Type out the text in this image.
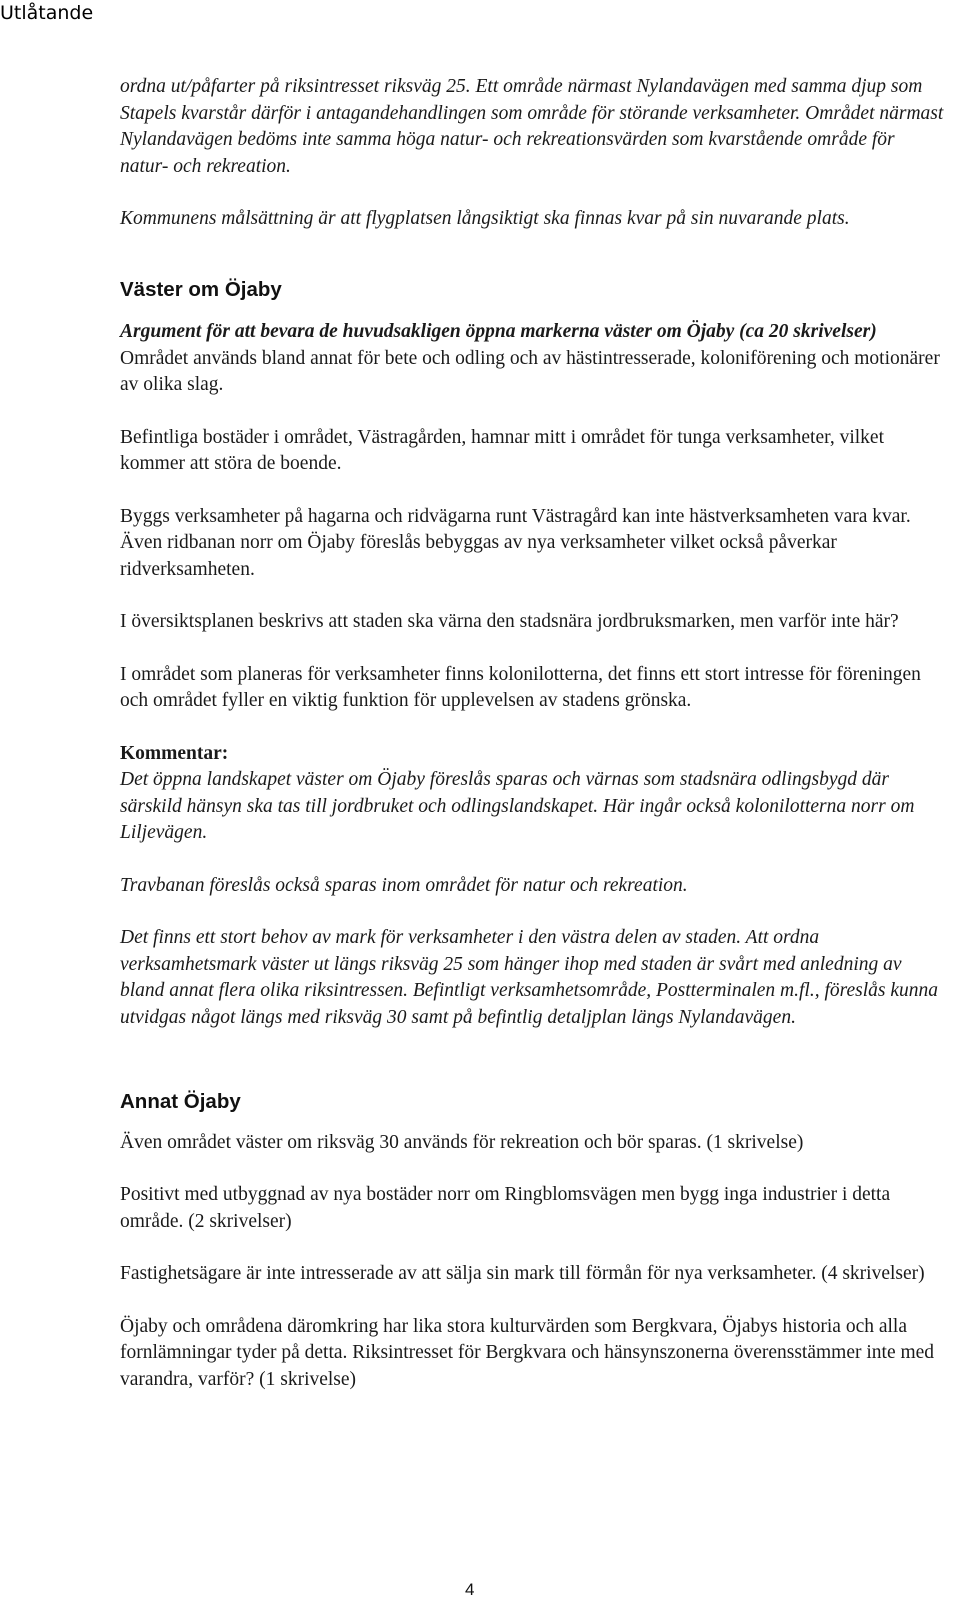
Utlåtande

ordna ut/påfarter på riksintresset riksväg 25. Ett område närmast Nylandavägen med samma djup som Stapels kvarstår därför i antagandehandlingen som område för störande verksamheter. Området närmast Nylandavägen bedöms inte samma höga natur- och rekreationsvärden som kvarstående område för natur- och rekreation.

Kommunens målsättning är att flygplatsen långsiktigt ska finnas kvar på sin nuvarande plats.

Väster om Öjaby

Argument för att bevara de huvudsakligen öppna markerna väster om Öjaby (ca 20 skrivelser)

Området används bland annat för bete och odling och av hästintresserade, koloniförening och motionärer av olika slag.

Befintliga bostäder i området, Västragården, hamnar mitt i området för tunga verksamheter, vilket kommer att störa de boende.

Byggs verksamheter på hagarna och ridvägarna runt Västragård kan inte hästverksamheten vara kvar. Även ridbanan norr om Öjaby föreslås bebyggas av nya verksamheter vilket också påverkar ridverksamheten.

I översiktsplanen beskrivs att staden ska värna den stadsnära jordbruksmarken, men varför inte här?

I området som planeras för verksamheter finns kolonilotterna, det finns ett stort intresse för föreningen och området fyller en viktig funktion för upplevelsen av stadens grönska.

Kommentar:

Det öppna landskapet väster om Öjaby föreslås sparas och värnas som stadsnära odlingsbygd där särskild hänsyn ska tas till jordbruket och odlingslandskapet. Här ingår också kolonilotterna norr om Liljevägen.

Travbanan föreslås också sparas inom området för natur och rekreation.

Det finns ett stort behov av mark för verksamheter i den västra delen av staden. Att ordna verksamhetsmark väster ut längs riksväg 25 som hänger ihop med staden är svårt med anledning av bland annat flera olika riksintressen. Befintligt verksamhetsområde, Postterminalen m.fl., föreslås kunna utvidgas något längs med riksväg 30 samt på befintlig detaljplan längs Nylandavägen.

Annat Öjaby

Även området väster om riksväg 30 används för rekreation och bör sparas. (1 skrivelse)

Positivt med utbyggnad av nya bostäder norr om Ringblomsvägen men bygg inga industrier i detta område. (2 skrivelser)

Fastighetsägare är inte intresserade av att sälja sin mark till förmån för nya verksamheter. (4 skrivelser)

Öjaby och områdena däromkring har lika stora kulturvärden som Bergkvara, Öjabys historia och alla fornlämningar tyder på detta. Riksintresset för Bergkvara och hänsynszonerna överensstämmer inte med varandra, varför? (1 skrivelse)

4
